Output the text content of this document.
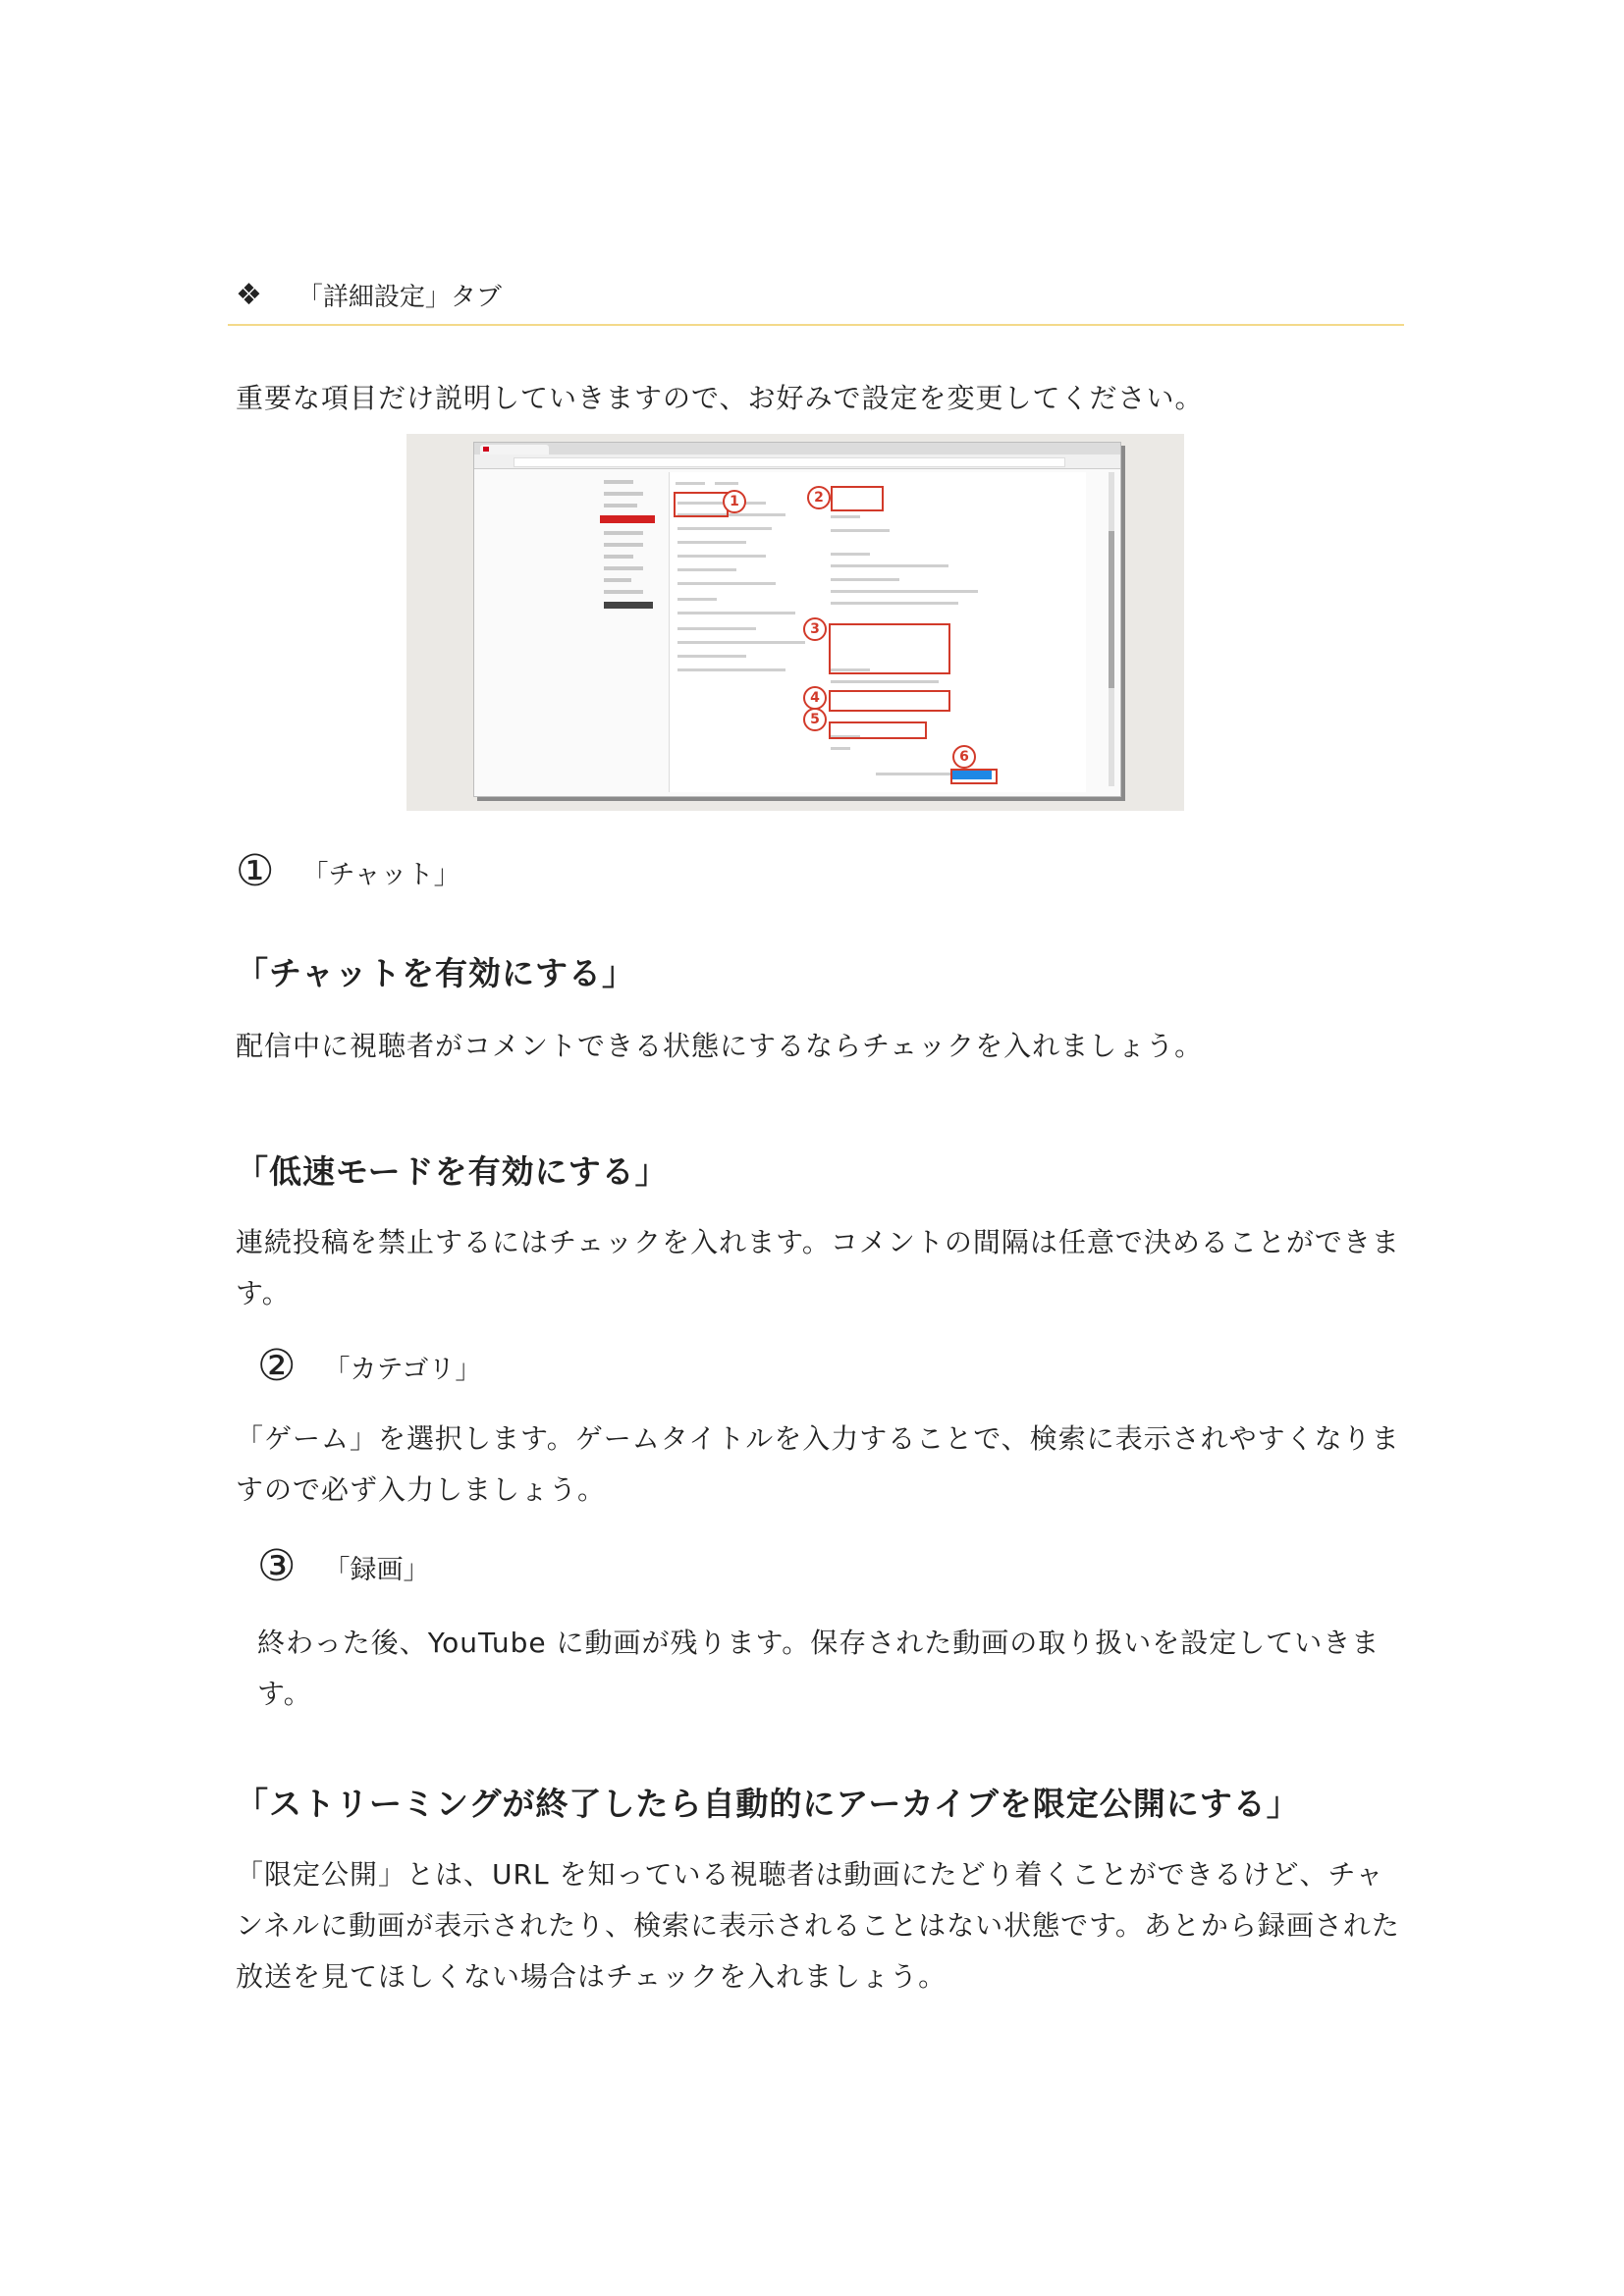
❖ 「詳細設定」タブ
重要な項目だけ説明していきますので、お好みで設定を変更してください。
1	2
3
4
5
6
① 「チャット」
「チャットを有効にする」
配信中に視聴者がコメントできる状態にするならチェックを入れましょう。
「低速モードを有効にする」
連続投稿を禁止するにはチェックを入れます。コメントの間隔は任意で決めることができます。
② 「カテゴリ」
「ゲーム」を選択します。ゲームタイトルを入力することで、検索に表示されやすくなりますので必ず入力しましょう。
③ 「録画」
終わった後、YouTube に動画が残ります。保存された動画の取り扱いを設定していきます。
「ストリーミングが終了したら自動的にアーカイブを限定公開にする」
「限定公開」とは、URL を知っている視聴者は動画にたどり着くことができるけど、チャンネルに動画が表示されたり、検索に表示されることはない状態です。あとから録画された放送を見てほしくない場合はチェックを入れましょう。
